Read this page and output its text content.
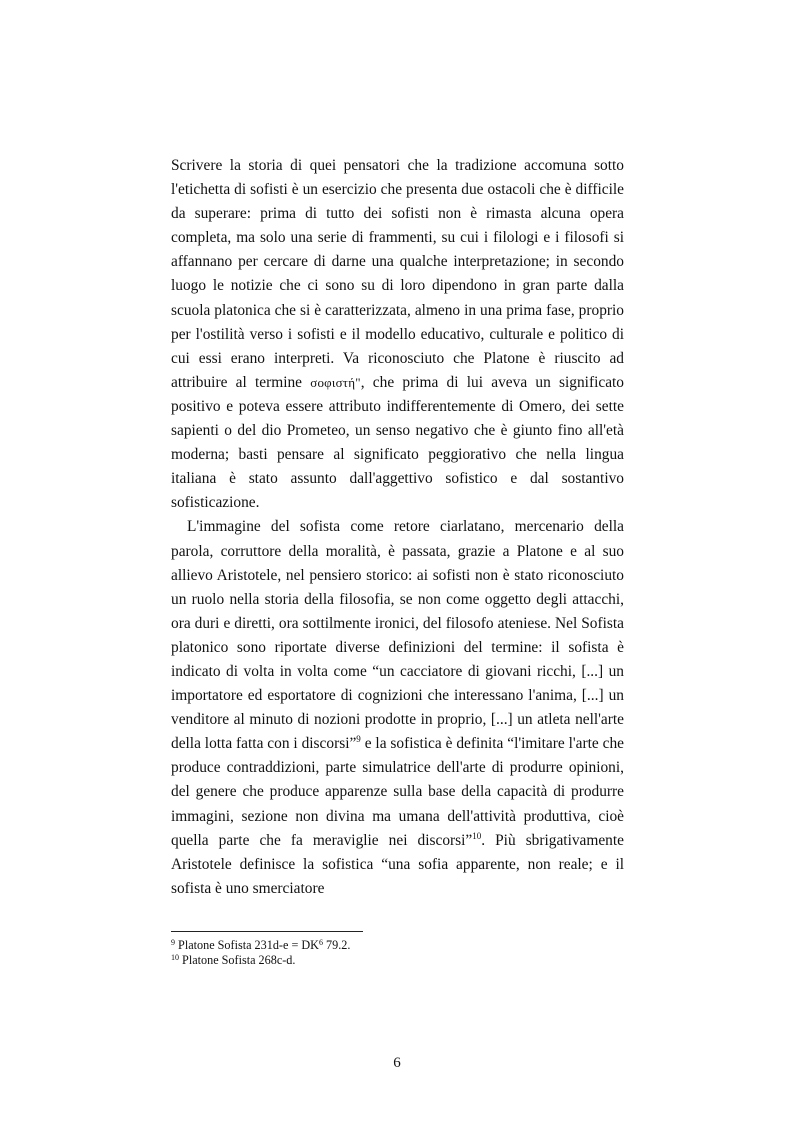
Scrivere la storia di quei pensatori che la tradizione accomuna sotto l'etichetta di sofisti è un esercizio che presenta due ostacoli che è difficile da superare: prima di tutto dei sofisti non è rimasta alcuna opera completa, ma solo una serie di frammenti, su cui i filologi e i filosofi si affannano per cercare di darne una qualche interpretazione; in secondo luogo le notizie che ci sono su di loro dipendono in gran parte dalla scuola platonica che si è caratterizzata, almeno in una prima fase, proprio per l'ostilità verso i sofisti e il modello educativo, culturale e politico di cui essi erano interpreti. Va riconosciuto che Platone è riuscito ad attribuire al termine σοφιστή", che prima di lui aveva un significato positivo e poteva essere attributo indifferentemente di Omero, dei sette sapienti o del dio Prometeo, un senso negativo che è giunto fino all'età moderna; basti pensare al significato peggiorativo che nella lingua italiana è stato assunto dall'aggettivo sofistico e dal sostantivo sofisticazione.

L'immagine del sofista come retore ciarlatano, mercenario della parola, corruttore della moralità, è passata, grazie a Platone e al suo allievo Aristotele, nel pensiero storico: ai sofisti non è stato riconosciuto un ruolo nella storia della filosofia, se non come oggetto degli attacchi, ora duri e diretti, ora sottilmente ironici, del filosofo ateniese. Nel Sofista platonico sono riportate diverse definizioni del termine: il sofista è indicato di volta in volta come “un cacciatore di giovani ricchi, [...] un importatore ed esportatore di cognizioni che interessano l'anima, [...] un venditore al minuto di nozioni prodotte in proprio, [...] un atleta nell'arte della lotta fatta con i discorsi”$^9$ e la sofistica è definita “l'imitare l'arte che produce contraddizioni, parte simulatrice dell'arte di produrre opinioni, del genere che produce apparenze sulla base della capacità di produrre immagini, sezione non divina ma umana dell'attività produttiva, cioè quella parte che fa meraviglie nei discorsi”$^{10}$. Più sbrigativamente Aristotele definisce la sofistica “una sofia apparente, non reale; e il sofista è uno smerciatore

$^9$ Platone Sofista $231d-e = DK^6$ 79.2.

$^{10}$ Platone Sofista 268c-d.

6
